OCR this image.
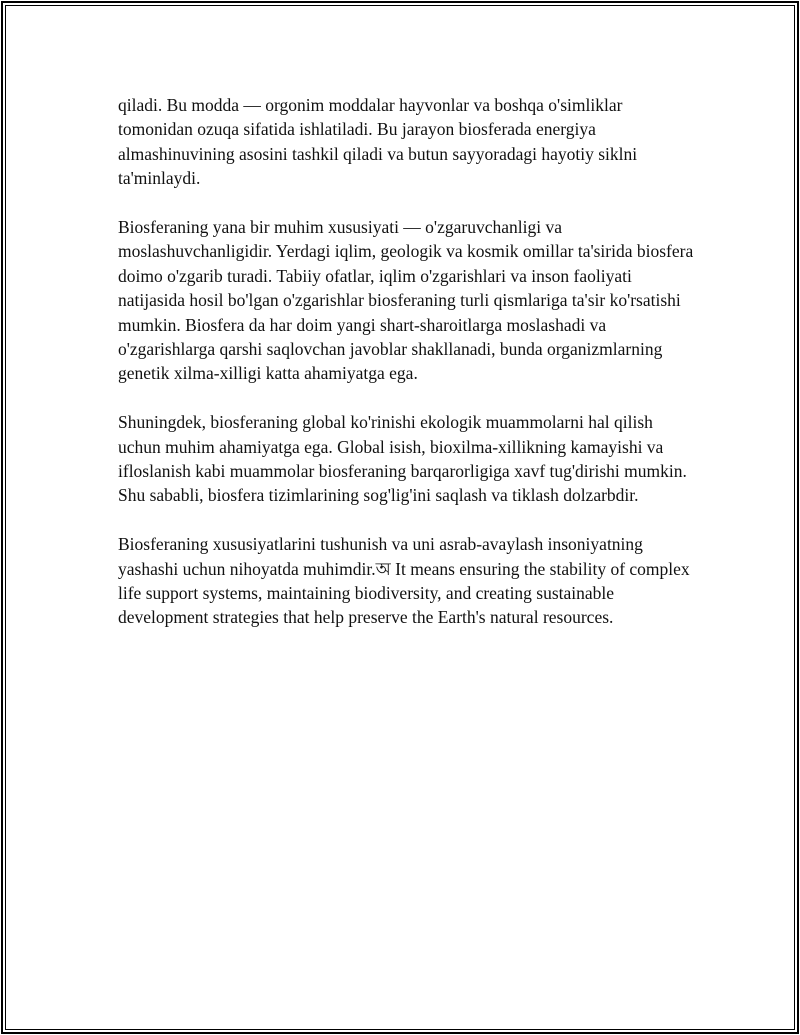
qiladi. Bu modda — orgonim moddalar hayvonlar va boshqa o'simliklar tomonidan ozuqa sifatida ishlatiladi. Bu jarayon biosferada energiya almashinuvining asosini tashkil qiladi va butun sayyoradagi hayotiy siklni ta'minlaydi.

Biosferaning yana bir muhim xususiyati — o'zgaruvchanligi va moslashuvchanligidir. Yerdagi iqlim, geologik va kosmik omillar ta'sirida biosfera doimo o'zgarib turadi. Tabiiy ofatlar, iqlim o'zgarishlari va inson faoliyati natijasida hosil bo'lgan o'zgarishlar biosferaning turli qismlariga ta'sir ko'rsatishi mumkin. Biosfera da har doim yangi shart-sharoitlarga moslashadi va o'zgarishlarga qarshi saqlovchan javoblar shakllanadi, bunda organizmlarning genetik xilma-xilligi katta ahamiyatga ega.

Shuningdek, biosferaning global ko'rinishi ekologik muammolarni hal qilish uchun muhim ahamiyatga ega. Global isish, bioxilma-xillikning kamayishi va ifloslanish kabi muammolar biosferaning barqarorligiga xavf tug'dirishi mumkin. Shu sababli, biosfera tizimlarining sog'lig'ini saqlash va tiklash dolzarbdir.

Biosferaning xususiyatlarini tushunish va uni asrab-avaylash insoniyatning yashashi uchun nihoyatda muhimdir.অ It means ensuring the stability of complex life support systems, maintaining biodiversity, and creating sustainable development strategies that help preserve the Earth's natural resources.
